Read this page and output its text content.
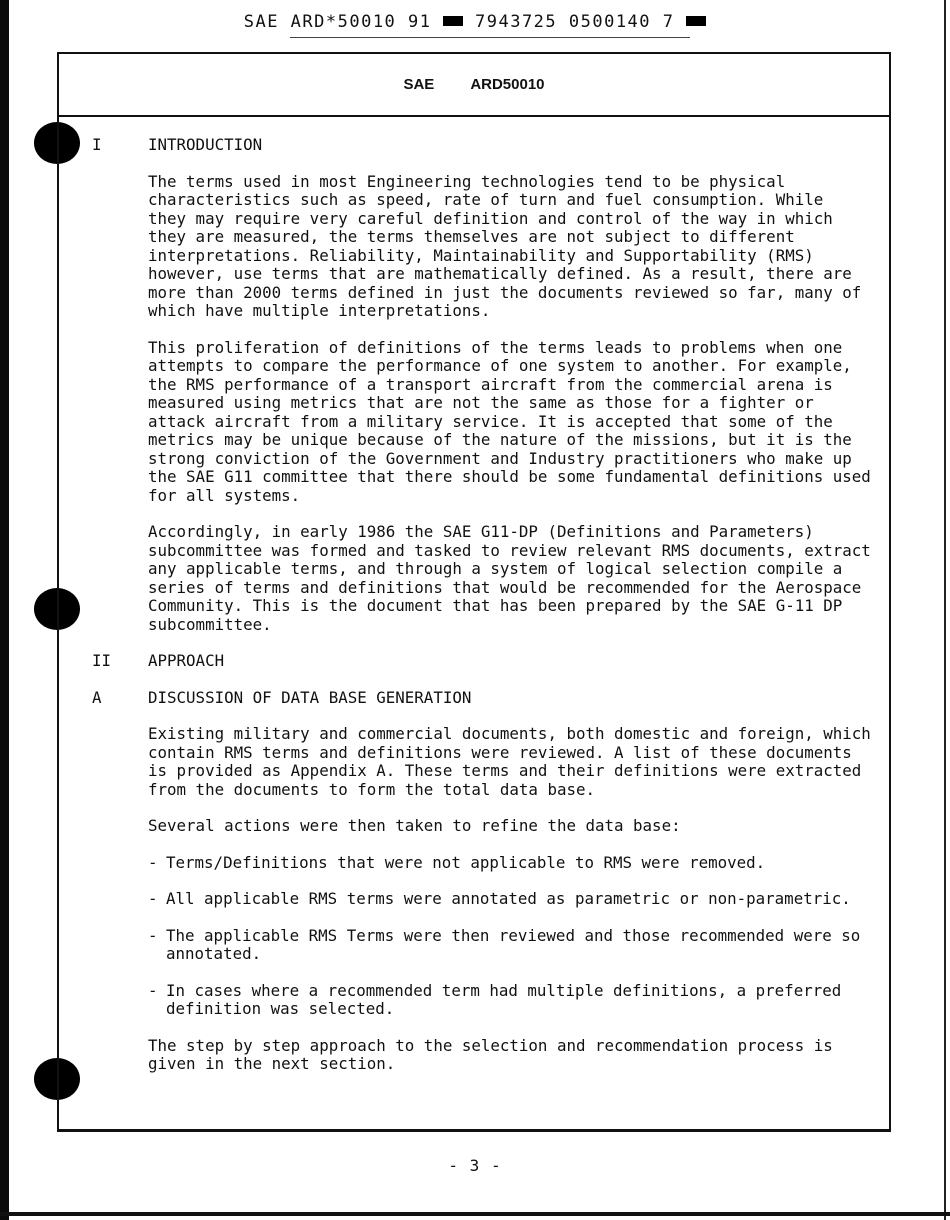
SAE ARD*50010 91	7943725 0500140 7
SAE ARD50010
I	INTRODUCTION
The terms used in most Engineering technologies tend to be physical
characteristics such as speed, rate of turn and fuel consumption. While
they may require very careful definition and control of the way in which
they are measured, the terms themselves are not subject to different
interpretations. Reliability, Maintainability and Supportability (RMS)
however, use terms that are mathematically defined. As a result, there are
more than 2000 terms defined in just the documents reviewed so far, many of
which have multiple interpretations.
This proliferation of definitions of the terms leads to problems when one
attempts to compare the performance of one system to another. For example,
the RMS performance of a transport aircraft from the commercial arena is
measured using metrics that are not the same as those for a fighter or
attack aircraft from a military service. It is accepted that some of the
metrics may be unique because of the nature of the missions, but it is the
strong conviction of the Government and Industry practitioners who make up
the SAE G11 committee that there should be some fundamental definitions used
for all systems.
Accordingly, in early 1986 the SAE G11-DP (Definitions and Parameters)
subcommittee was formed and tasked to review relevant RMS documents, extract
any applicable terms, and through a system of logical selection compile a
series of terms and definitions that would be recommended for the Aerospace
Community. This is the document that has been prepared by the SAE G-11 DP
subcommittee.
II	APPROACH
A	DISCUSSION OF DATA BASE GENERATION
Existing military and commercial documents, both domestic and foreign, which
contain RMS terms and definitions were reviewed. A list of these documents
is provided as Appendix A. These terms and their definitions were extracted
from the documents to form the total data base.
Several actions were then taken to refine the data base:
- Terms/Definitions that were not applicable to RMS were removed.
- All applicable RMS terms were annotated as parametric or non-parametric.
- The applicable RMS Terms were then reviewed and those recommended were so
annotated.
- In cases where a recommended term had multiple definitions, a preferred
definition was selected.
The step by step approach to the selection and recommendation process is
given in the next section.
- 3 -
